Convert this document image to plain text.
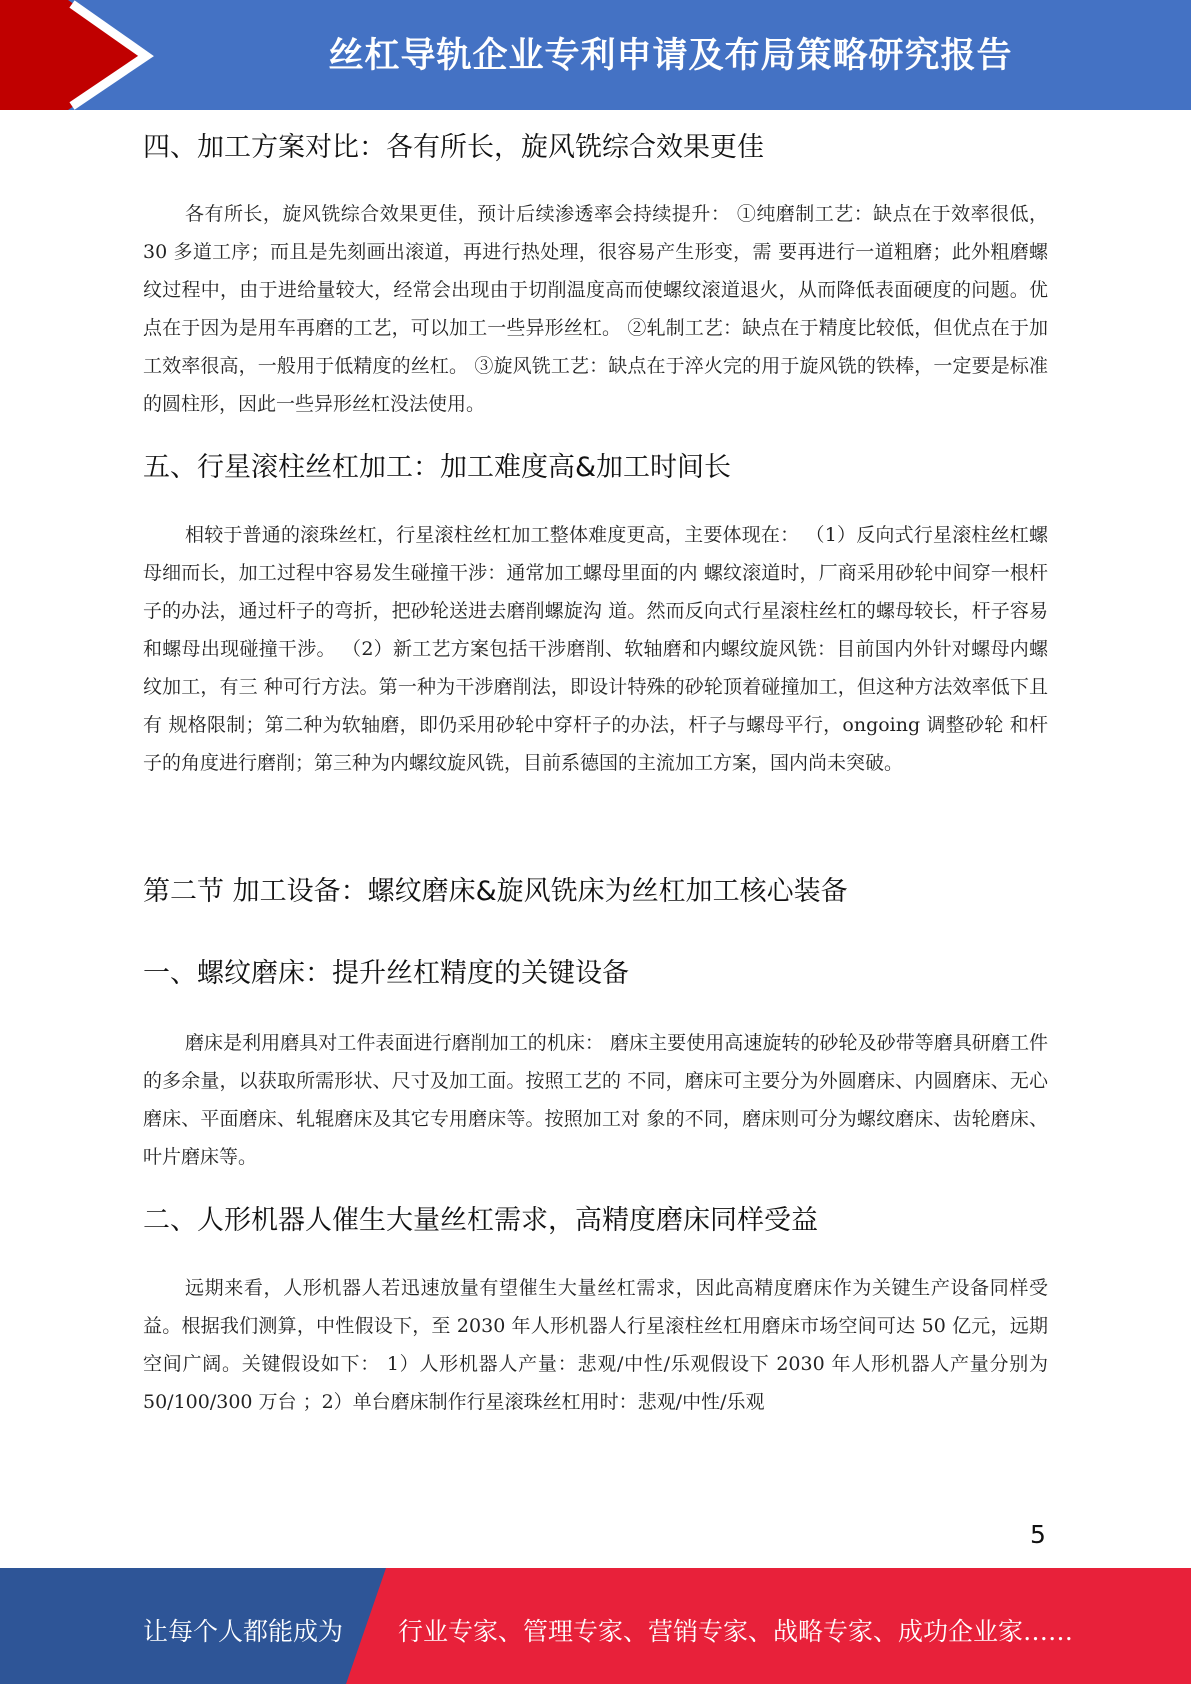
丝杠导轨企业专利申请及布局策略研究报告
四、加工方案对比：各有所长，旋风铣综合效果更佳

各有所长，旋风铣综合效果更佳，预计后续渗透率会持续提升： ①纯磨制工艺：缺点在于效率很低，30 多道工序；而且是先刻画出滚道，再进行热处理，很容易产生形变，需 要再进行一道粗磨；此外粗磨螺纹过程中，由于进给量较大，经常会出现由于切削温度高而使螺纹滚道退火，从而降低表面硬度的问题。优点在于因为是用车再磨的工艺，可以加工一些异形丝杠。 ②轧制工艺：缺点在于精度比较低，但优点在于加工效率很高，一般用于低精度的丝杠。 ③旋风铣工艺：缺点在于淬火完的用于旋风铣的铁棒，一定要是标准的圆柱形，因此一些异形丝杠没法使用。

五、行星滚柱丝杠加工：加工难度高&加工时间长

相较于普通的滚珠丝杠，行星滚柱丝杠加工整体难度更高，主要体现在： （1）反向式行星滚柱丝杠螺母细而长，加工过程中容易发生碰撞干涉：通常加工螺母里面的内 螺纹滚道时，厂商采用砂轮中间穿一根杆子的办法，通过杆子的弯折，把砂轮送进去磨削螺旋沟 道。然而反向式行星滚柱丝杠的螺母较长，杆子容易和螺母出现碰撞干涉。 （2）新工艺方案包括干涉磨削、软轴磨和内螺纹旋风铣：目前国内外针对螺母内螺纹加工，有三 种可行方法。第一种为干涉磨削法，即设计特殊的砂轮顶着碰撞加工，但这种方法效率低下且有 规格限制；第二种为软轴磨，即仍采用砂轮中穿杆子的办法，杆子与螺母平行，ongoing 调整砂轮 和杆子的角度进行磨削；第三种为内螺纹旋风铣，目前系德国的主流加工方案，国内尚未突破。

第二节 加工设备：螺纹磨床&旋风铣床为丝杠加工核心装备
一、螺纹磨床：提升丝杠精度的关键设备

磨床是利用磨具对工件表面进行磨削加工的机床： 磨床主要使用高速旋转的砂轮及砂带等磨具研磨工件的多余量，以获取所需形状、尺寸及加工面。按照工艺的 不同，磨床可主要分为外圆磨床、内圆磨床、无心磨床、平面磨床、轧辊磨床及其它专用磨床等。按照加工对 象的不同，磨床则可分为螺纹磨床、齿轮磨床、叶片磨床等。

二、人形机器人催生大量丝杠需求，高精度磨床同样受益

远期来看，人形机器人若迅速放量有望催生大量丝杠需求，因此高精度磨床作为关键生产设备同样受益。根据我们测算，中性假设下，至 2030 年人形机器人行星滚柱丝杠用磨床市场空间可达 50 亿元，远期空间广阔。关键假设如下： 1）人形机器人产量：悲观/中性/乐观假设下 2030 年人形机器人产量分别为 50/100/300 万台 ；2）单台磨床制作行星滚珠丝杠用时：悲观/中性/乐观

5
让每个人都能成为 行业专家、管理专家、营销专家、战略专家、成功企业家……
